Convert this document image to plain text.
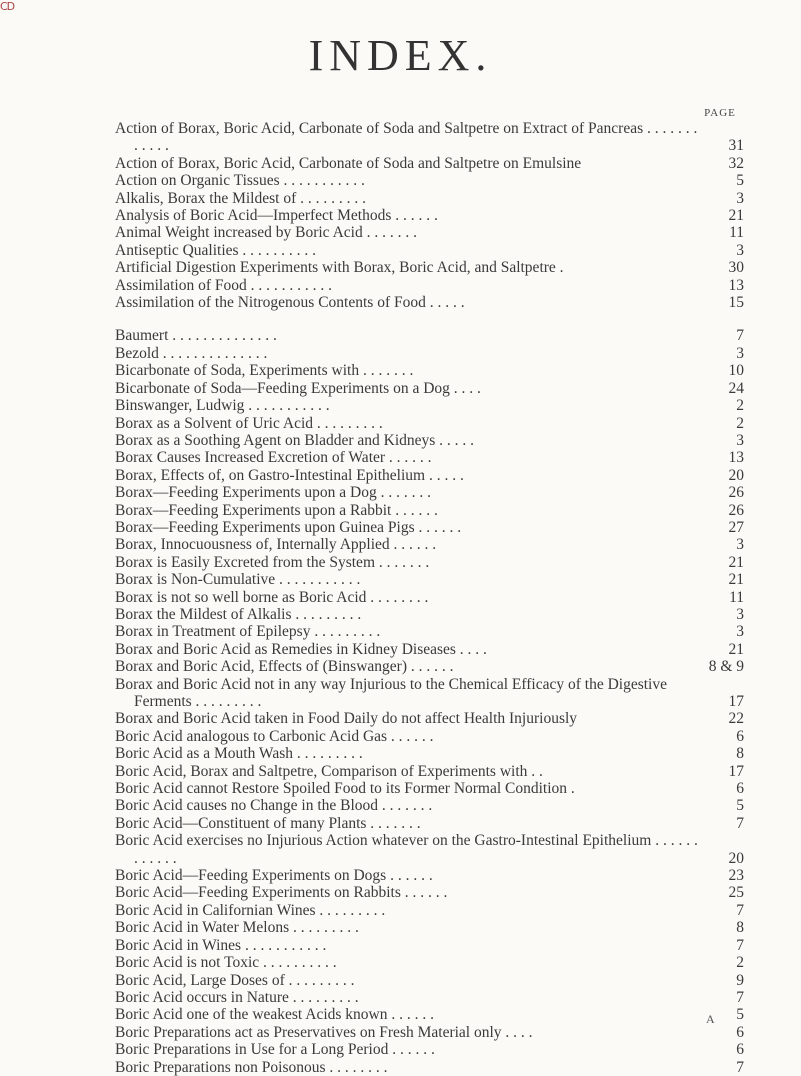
CD
INDEX.
PAGE
Action of Borax, Boric Acid, Carbonate of Soda and Saltpetre on Extract of Pancreas . . . . . . . . . . . .	31
Action of Borax, Boric Acid, Carbonate of Soda and Saltpetre on Emulsine	32
Action on Organic Tissues . . . . . . . . . . .	5
Alkalis, Borax the Mildest of . . . . . . . . .	3
Analysis of Boric Acid—Imperfect Methods . . . . . .	21
Animal Weight increased by Boric Acid . . . . . . .	11
Antiseptic Qualities . . . . . . . . . .	3
Artificial Digestion Experiments with Borax, Boric Acid, and Saltpetre .	30
Assimilation of Food . . . . . . . . . . .	13
Assimilation of the Nitrogenous Contents of Food . . . . .	15
Baumert . . . . . . . . . . . . . .	7
Bezold . . . . . . . . . . . . . .	3
Bicarbonate of Soda, Experiments with . . . . . . .	10
Bicarbonate of Soda—Feeding Experiments on a Dog . . . .	24
Binswanger, Ludwig . . . . . . . . . . .	2
Borax as a Solvent of Uric Acid . . . . . . . . .	2
Borax as a Soothing Agent on Bladder and Kidneys . . . . .	3
Borax Causes Increased Excretion of Water . . . . . .	13
Borax, Effects of, on Gastro-Intestinal Epithelium . . . . .	20
Borax—Feeding Experiments upon a Dog . . . . . . .	26
Borax—Feeding Experiments upon a Rabbit . . . . . .	26
Borax—Feeding Experiments upon Guinea Pigs . . . . . .	27
Borax, Innocuousness of, Internally Applied . . . . . .	3
Borax is Easily Excreted from the System . . . . . . .	21
Borax is Non-Cumulative . . . . . . . . . . .	21
Borax is not so well borne as Boric Acid . . . . . . . .	11
Borax the Mildest of Alkalis . . . . . . . . .	3
Borax in Treatment of Epilepsy . . . . . . . . .	3
Borax and Boric Acid as Remedies in Kidney Diseases . . . .	21
Borax and Boric Acid, Effects of (Binswanger) . . . . . .	8 & 9
Borax and Boric Acid not in any way Injurious to the Chemical Efficacy of the Digestive Ferments . . . . . . . . .	17
Borax and Boric Acid taken in Food Daily do not affect Health Injuriously	22
Boric Acid analogous to Carbonic Acid Gas . . . . . .	6
Boric Acid as a Mouth Wash . . . . . . . . .	8
Boric Acid, Borax and Saltpetre, Comparison of Experiments with . .	17
Boric Acid cannot Restore Spoiled Food to its Former Normal Condition .	6
Boric Acid causes no Change in the Blood . . . . . . .	5
Boric Acid—Constituent of many Plants . . . . . . .	7
Boric Acid exercises no Injurious Action whatever on the Gastro-Intestinal Epithelium . . . . . . . . . . . .	20
Boric Acid—Feeding Experiments on Dogs . . . . . .	23
Boric Acid—Feeding Experiments on Rabbits . . . . . .	25
Boric Acid in Californian Wines . . . . . . . . .	7
Boric Acid in Water Melons . . . . . . . . .	8
Boric Acid in Wines . . . . . . . . . . .	7
Boric Acid is not Toxic . . . . . . . . . .	2
Boric Acid, Large Doses of . . . . . . . . .	9
Boric Acid occurs in Nature . . . . . . . . .	7
Boric Acid one of the weakest Acids known . . . . . .	5
Boric Preparations act as Preservatives on Fresh Material only . . . .	6
Boric Preparations in Use for a Long Period . . . . . .	6
Boric Preparations non Poisonous . . . . . . . .	7
A
